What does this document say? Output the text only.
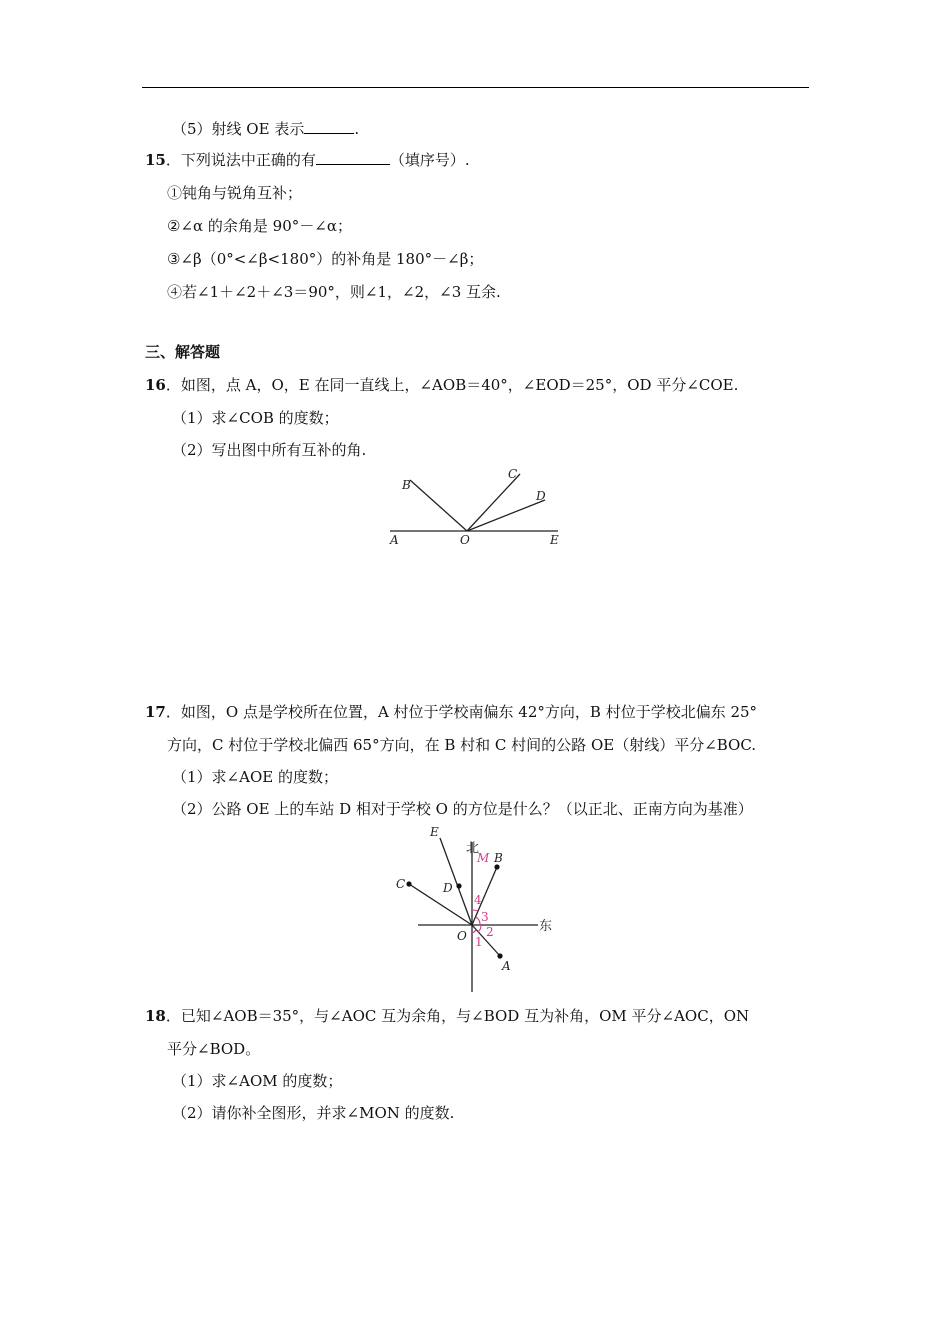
（5）射线 OE 表示	.
15．下列说法中正确的有	（填序号）.
①钝角与锐角互补；
②∠α 的余角是 90°－∠α；
③∠β（0°<∠β<180°）的补角是 180°－∠β；
④若∠1＋∠2＋∠3＝90°，则∠1，∠2，∠3 互余.
三、解答题
16．如图，点 A，O，E 在同一直线上，∠AOB＝40°，∠EOD＝25°，OD 平分∠COE.
（1）求∠COB 的度数；
（2）写出图中所有互补的角.
B
C
D
A	O	E
17．如图，O 点是学校所在位置，A 村位于学校南偏东 42°方向，B 村位于学校北偏东 25°
方向，C 村位于学校北偏西 65°方向，在 B 村和 C 村间的公路 OE（射线）平分∠BOC.
（1）求∠AOE 的度数；
（2）公路 OE 上的车站 D 相对于学校 O 的方位是什么？（以正北、正南方向为基准）
E
C	D
B
O
A
M
4
3
2
1
北
东
18．已知∠AOB＝35°，与∠AOC 互为余角，与∠BOD 互为补角，OM 平分∠AOC，ON
平分∠BOD。
（1）求∠AOM 的度数；
（2）请你补全图形，并求∠MON 的度数.
